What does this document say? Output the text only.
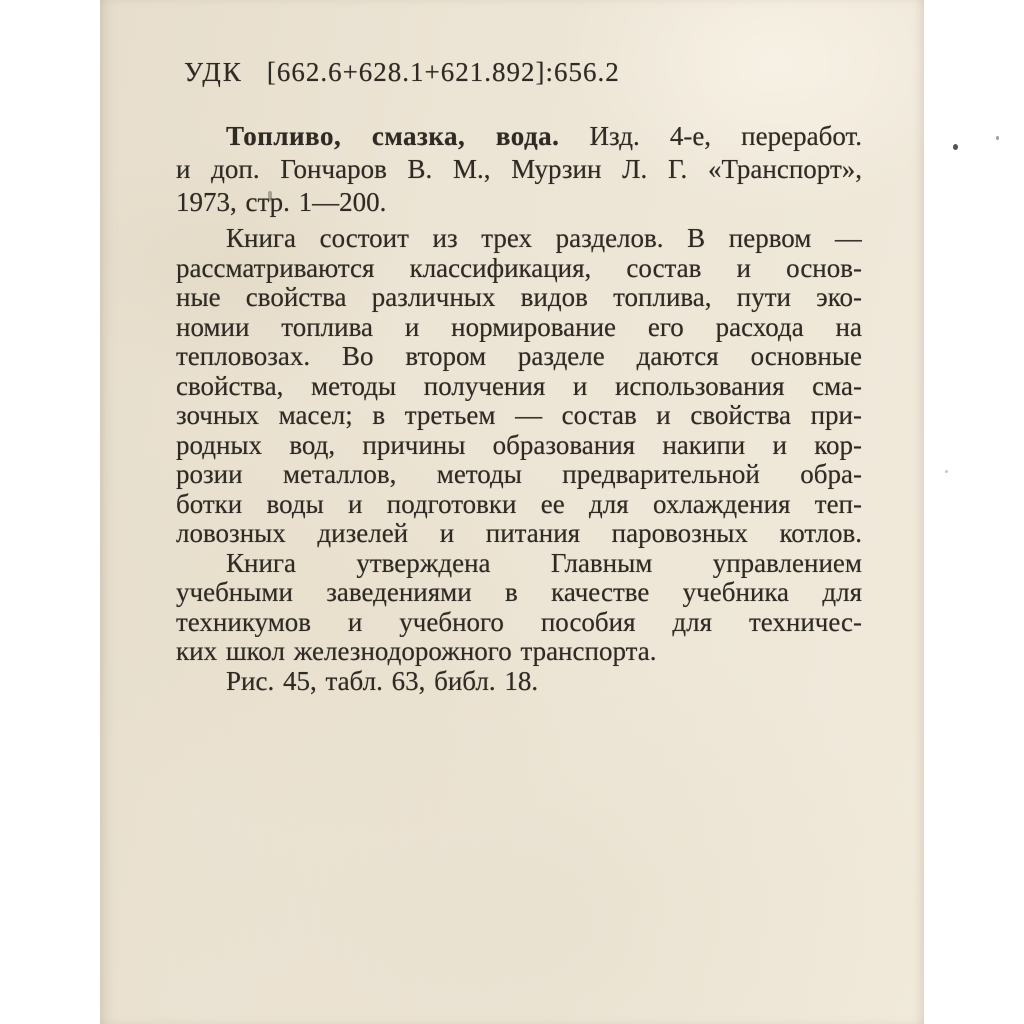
УДК [662.6+628.1+621.892]:656.2
Топливо, смазка, вода. Изд. 4-е, переработ.
и доп. Гончаров В. М., Мурзин Л. Г. «Транспорт»,
1973, стр. 1—200.
Книга состоит из трех разделов. В первом —
рассматриваются классификация, состав и основ-
ные свойства различных видов топлива, пути эко-
номии топлива и нормирование его расхода на
тепловозах. Во втором разделе даются основные
свойства, методы получения и использования сма-
зочных масел; в третьем — состав и свойства при-
родных вод, причины образования накипи и кор-
розии металлов, методы предварительной обра-
ботки воды и подготовки ее для охлаждения теп-
ловозных дизелей и питания паровозных котлов.
Книга утверждена Главным управлением
учебными заведениями в качестве учебника для
техникумов и учебного пособия для техничес-
ких школ железнодорожного транспорта.
Рис. 45, табл. 63, библ. 18.
